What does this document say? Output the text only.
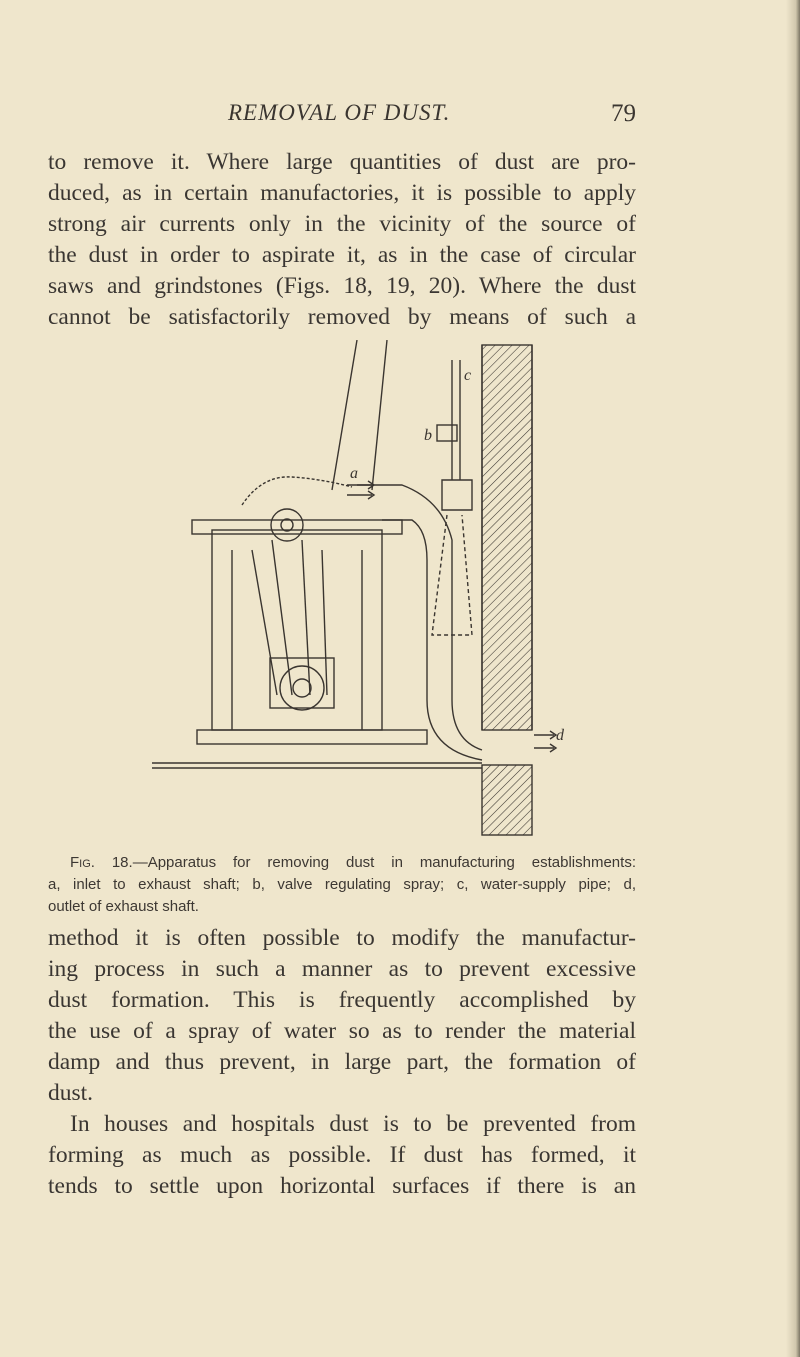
REMOVAL OF DUST.	79
to remove it. Where large quantities of dust are pro-
duced, as in certain manufactories, it is possible to apply
strong air currents only in the vicinity of the source of
the dust in order to aspirate it, as in the case of circular
saws and grindstones (Figs. 18, 19, 20). Where the dust
cannot be satisfactorily removed by means of such a
a
b
c
d
Fig. 18.—Apparatus for removing dust in manufacturing establishments:
a, inlet to exhaust shaft; b, valve regulating spray; c, water-supply pipe; d,
outlet of exhaust shaft.
method it is often possible to modify the manufactur-
ing process in such a manner as to prevent excessive
dust formation. This is frequently accomplished by
the use of a spray of water so as to render the material
damp and thus prevent, in large part, the formation of
dust.
In houses and hospitals dust is to be prevented from
forming as much as possible. If dust has formed, it
tends to settle upon horizontal surfaces if there is an
